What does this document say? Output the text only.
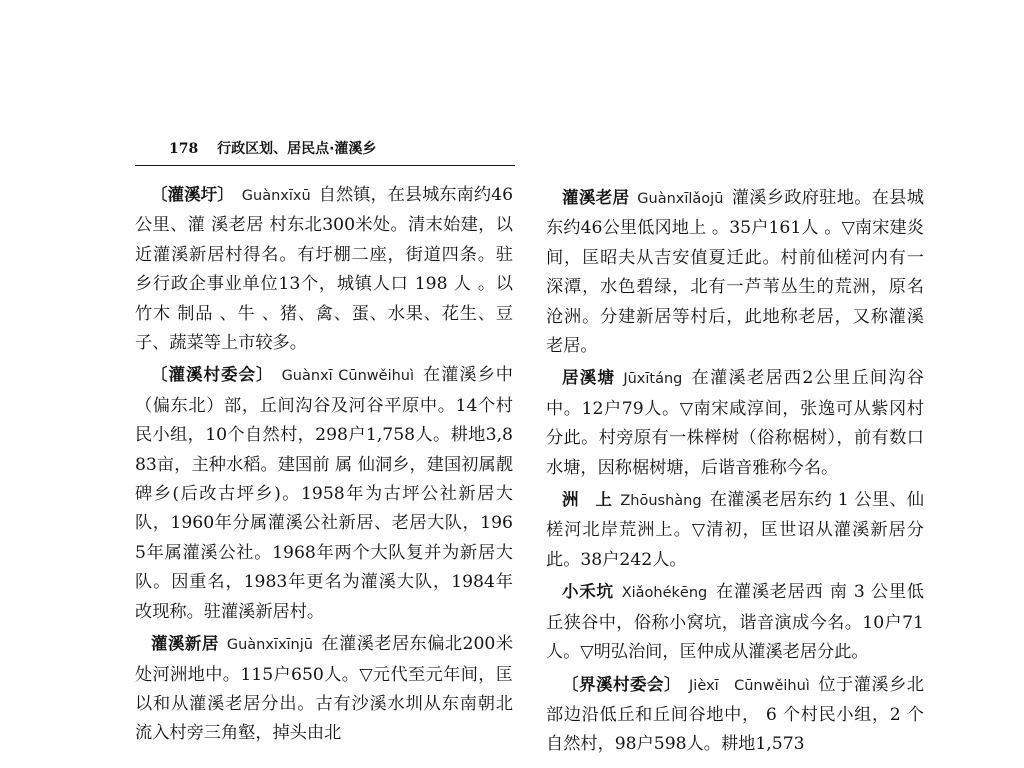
178 行政区划、居民点·灌溪乡

〔灌溪圩〕 Guànxīxū 自然镇，在县城东南约46公里、灌 溪老居 村东北300米处。清末始建，以近灌溪新居村得名。有圩棚二座，街道四条。驻乡行政企事业单位13个，城镇人口 198 人 。以竹木 制品 、牛 、猪、禽、蛋、水果、花生、豆子、蔬菜等上市较多。

〔灌溪村委会〕 Guànxī Cūnwěihuì 在灌溪乡中（偏东北）部，丘间沟谷及河谷平原中。14个村民小组，10个自然村，298户1,758人。耕地3,883亩，主种水稻。建国前 属 仙洞乡，建国初属靓碑乡(后改古坪乡)。1958年为古坪公社新居大队，1960年分属灌溪公社新居、老居大队，1965年属灌溪公社。1968年两个大队复并为新居大队。因重名，1983年更名为灌溪大队，1984年改现称。驻灌溪新居村。

灌溪新居 Guànxīxīnjū 在灌溪老居东偏北200米处河洲地中。115户650人。▽元代至元年间，匡以和从灌溪老居分出。古有沙溪水圳从东南朝北流入村旁三角壑，掉头由北

灌溪老居 Guànxīlǎojū 灌溪乡政府驻地。在县城东约46公里低冈地上 。35户161人 。▽南宋建炎间，匡昭夫从吉安值夏迁此。村前仙槎河内有一深潭，水色碧绿，北有一芦苇丛生的荒洲，原名沧洲。分建新居等村后，此地称老居，又称灌溪老居。

居溪塘 Jūxītáng 在灌溪老居西2公里丘间沟谷中。12户79人。▽南宋咸淳间，张逸可从紫冈村分此。村旁原有一株榉树（俗称椐树），前有数口水塘，因称椐树塘，后谐音雅称今名。

洲　上 Zhōushàng 在灌溪老居东约 1 公里、仙槎河北岸荒洲上。▽清初，匡世诏从灌溪新居分此。38户242人。

小禾坑 Xiǎohékēng 在灌溪老居西 南 3 公里低丘狭谷中，俗称小窝坑，谐音演成今名。10户71人。▽明弘治间，匡仲成从灌溪老居分此。

〔界溪村委会〕 Jièxī　Cūnwěihuì 位于灌溪乡北部边沿低丘和丘间谷地中， 6 个村民小组，2 个自然村，98户598人。耕地1,573
